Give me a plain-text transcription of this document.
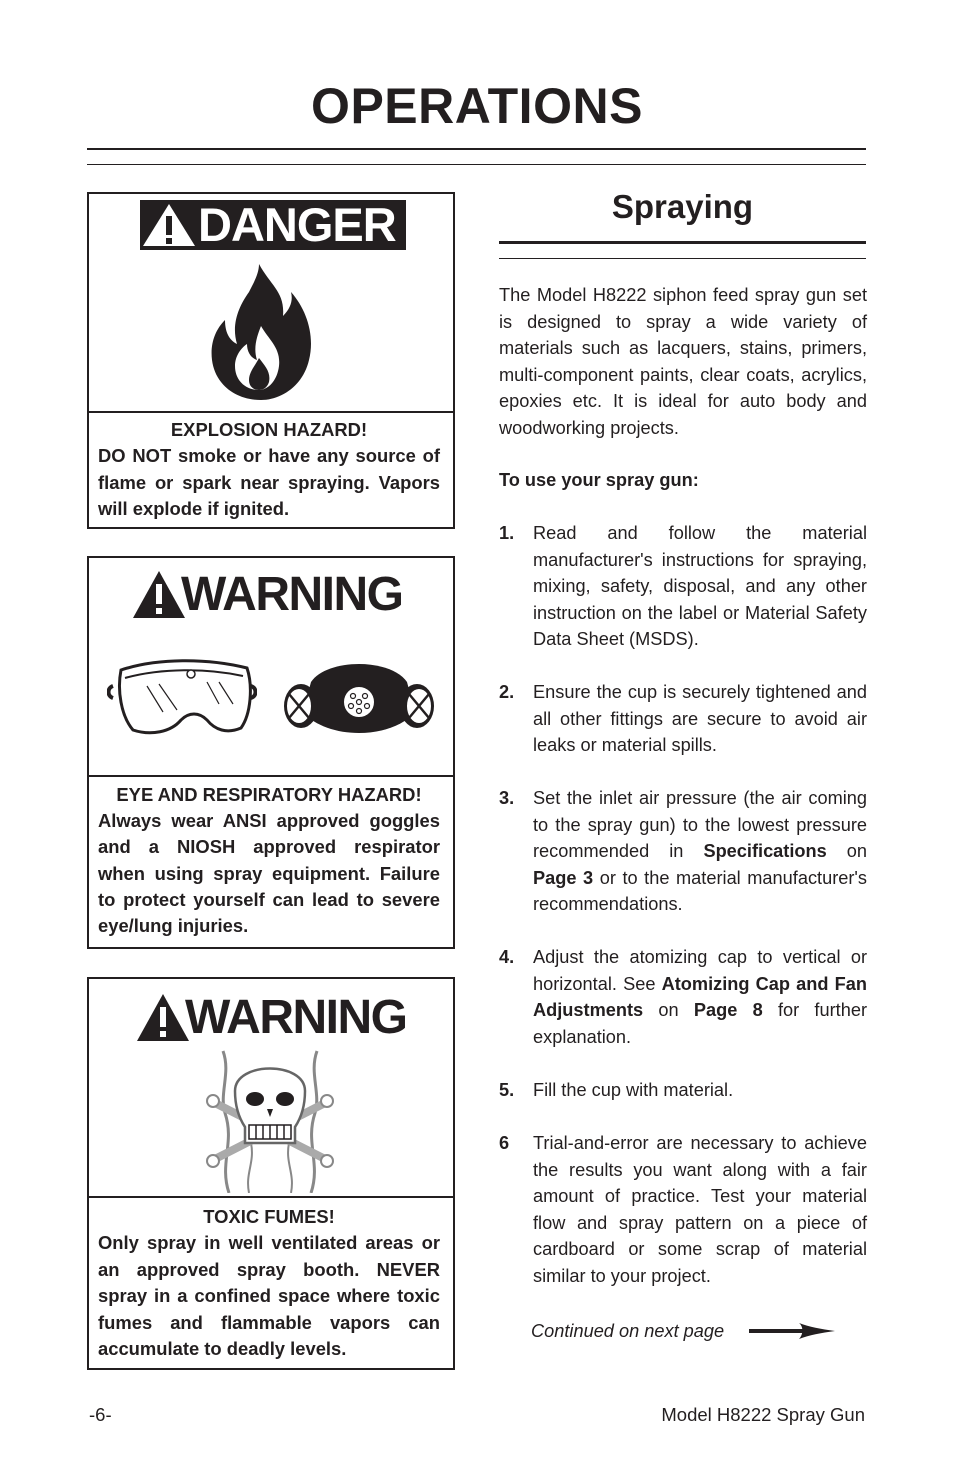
OPERATIONS
DANGER
EXPLOSION HAZARD!
DO NOT smoke or have any source of flame or spark near spraying. Vapors will explode if ignited.
WARNING
EYE AND RESPIRATORY HAZARD!
Always wear ANSI approved goggles and a NIOSH approved respirator when using spray equipment. Failure to protect yourself can lead to severe eye/lung injuries.
WARNING
TOXIC FUMES!
Only spray in well ventilated areas or an approved spray booth. NEVER spray in a confined space where toxic fumes and flammable vapors can accumulate to deadly levels.
Spraying
The Model H8222 siphon feed spray gun set is designed to spray a wide variety of materials such as lacquers, stains, primers, multi-component paints, clear coats, acrylics, epoxies etc. It is ideal for auto body and woodworking projects.
To use your spray gun:
1. Read and follow the material manufacturer's instructions for spraying, mixing, safety, disposal, and any other instruction on the label or Material Safety Data Sheet (MSDS).
2. Ensure the cup is securely tightened and all other fittings are secure to avoid air leaks or material spills.
3. Set the inlet air pressure (the air coming to the spray gun) to the lowest pressure recommended in Specifications on Page 3 or to the material manufacturer's recommendations.
4. Adjust the atomizing cap to vertical or horizontal. See Atomizing Cap and Fan Adjustments on Page 8 for further explanation.
5. Fill the cup with material.
6 Trial-and-error are necessary to achieve the results you want along with a fair amount of practice. Test your material flow and spray pattern on a piece of cardboard or some scrap of material similar to your project.
Continued on next page
-6-	Model H8222 Spray Gun
